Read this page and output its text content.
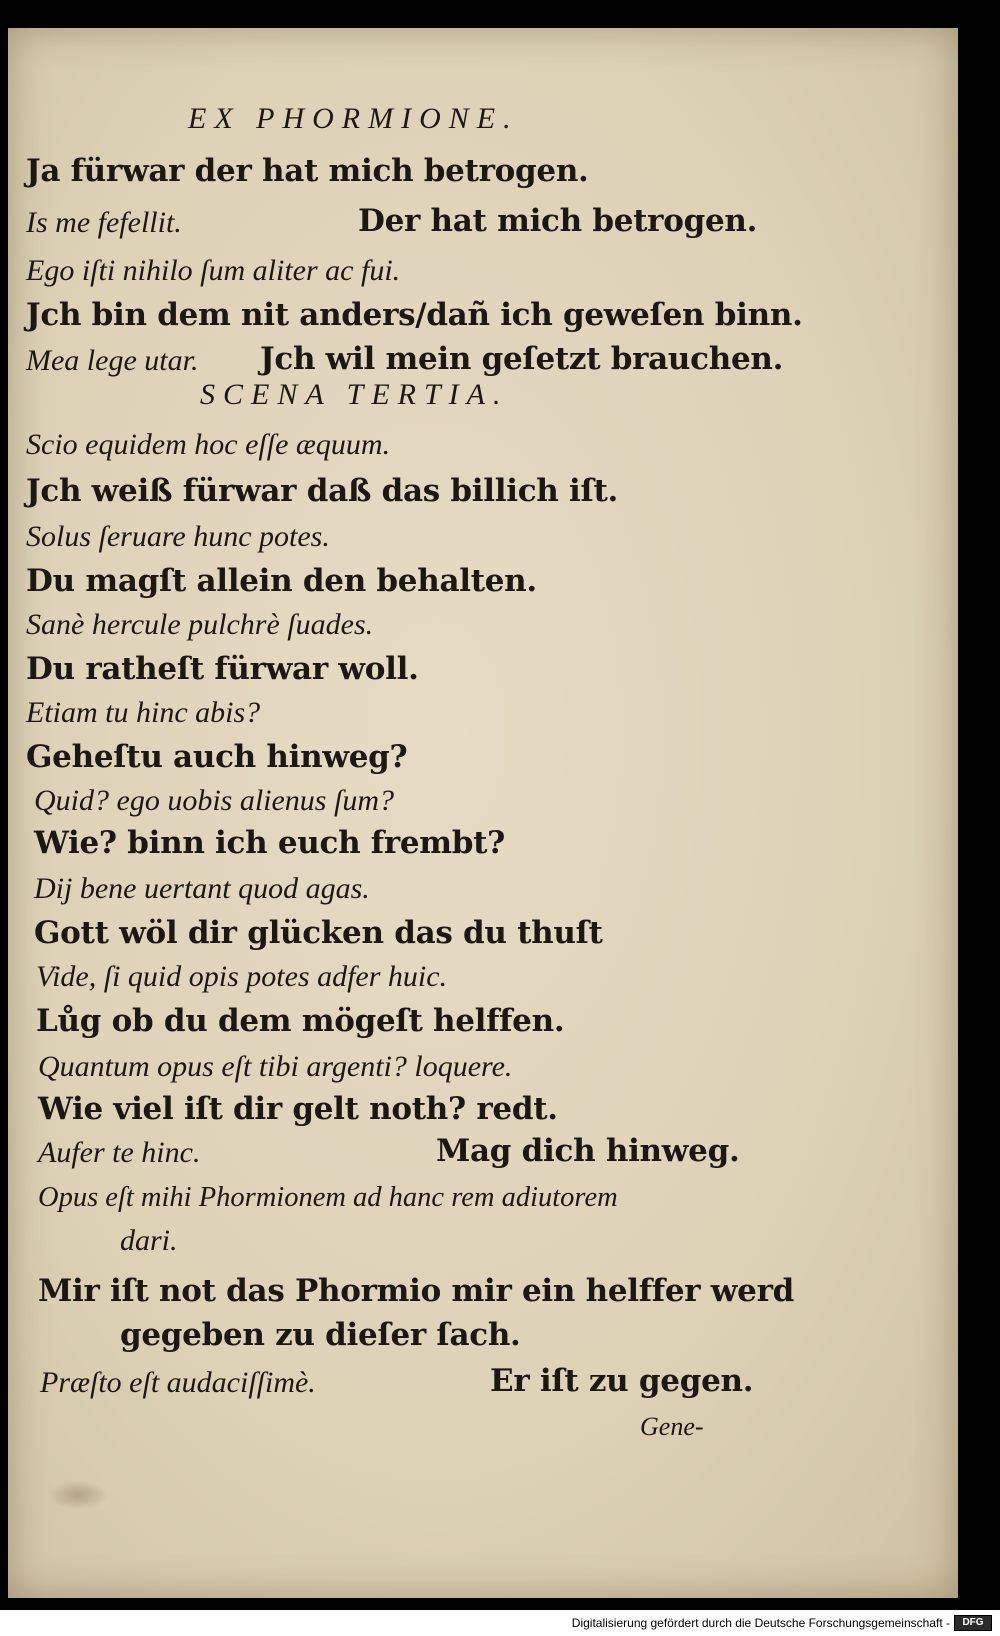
EX PHORMIONE.
Ja fürwar der hat mich betrogen.
Is me fefellit.	Der hat mich betrogen.
Ego iſti nihilo ſum aliter ac fui.
Jch bin dem nit anders/dañ ich geweſen binn.
Mea lege utar. Jch wil mein geſetzt brauchen.
SCENA TERTIA.
Scio equidem hoc eſſe æquum.
Jch weiß fürwar daß das billich iſt.
Solus ſeruare hunc potes.
Du magſt allein den behalten.
Sanè hercule pulchrè ſuades.
Du ratheſt fürwar woll.
Etiam tu hinc abis?
Geheſtu auch hinweg?
Quid? ego uobis alienus ſum?
Wie? binn ich euch frembt?
Dij bene uertant quod agas.
Gott wöl dir glücken das du thuſt
Vide, ſi quid opis potes adfer huic.
Lůg ob du dem mögeſt helffen.
Quantum opus eſt tibi argenti? loquere.
Wie viel iſt dir gelt noth? redt.
Aufer te hinc.	Mag dich hinweg.
Opus eſt mihi Phormionem ad hanc rem adiutorem
dari.
Mir iſt not das Phormio mir ein helffer werd
gegeben zu dieſer ſach.
Præſto eſt audaciſſimè.	Er iſt zu gegen.
Gene-
Digitalisierung gefördert durch die Deutsche Forschungsgemeinschaft -	DFG
